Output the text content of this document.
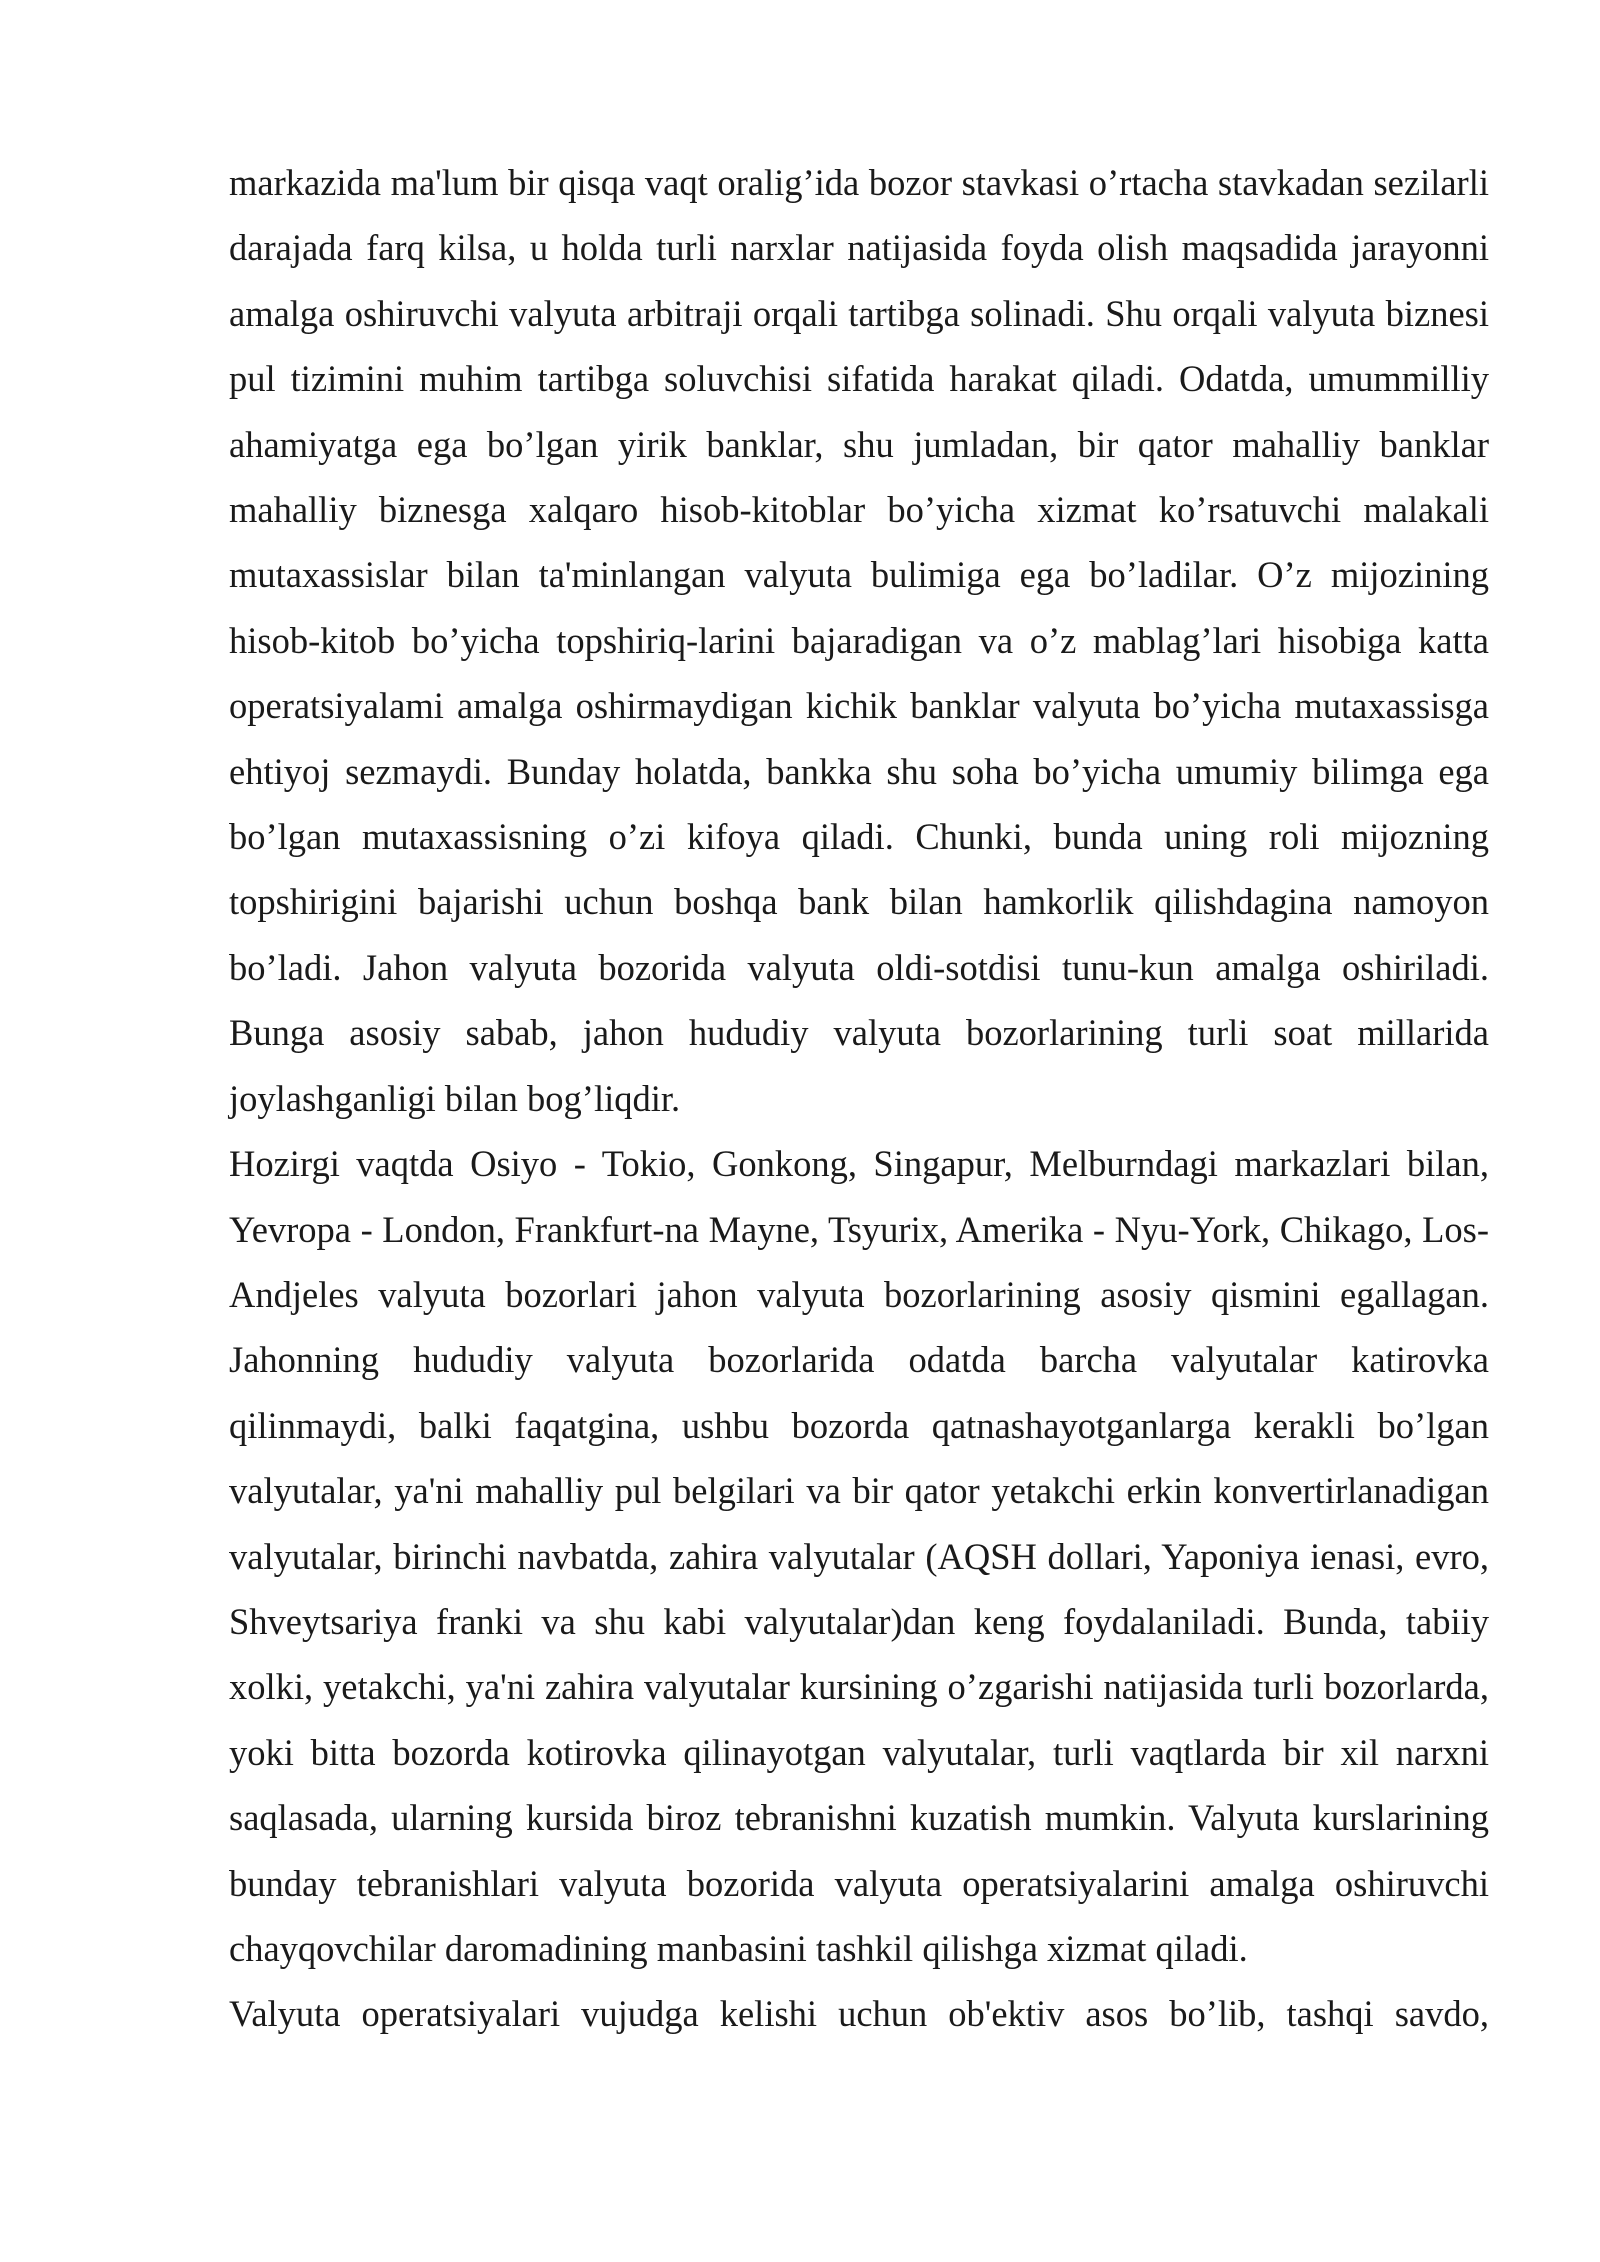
markazida ma'lum bir qisqa vaqt oralig’ida bozor stavkasi o’rtacha stavkadan sezilarli darajada farq kilsa, u holda turli narxlar natijasida foyda olish maqsadida jarayonni amalga oshiruvchi valyuta arbitraji orqali tartibga solinadi. Shu orqali valyuta biznesi pul tizimini muhim tartibga soluvchisi sifatida harakat qiladi. Odatda, umummilliy ahamiyatga ega bo’lgan yirik banklar, shu jumladan, bir qator mahalliy banklar mahalliy biznesga xalqaro hisob-kitoblar bo’yicha xizmat ko’rsatuvchi malakali mutaxassislar bilan ta'minlangan valyuta bulimiga ega bo’ladilar. O’z mijozining hisob-kitob bo’yicha topshiriq-larini bajaradigan va o’z mablag’lari hisobiga katta operatsiyalami amalga oshirmaydigan kichik banklar valyuta bo’yicha mutaxassisga ehtiyoj sezmaydi. Bunday holatda, bankka shu soha bo’yicha umumiy bilimga ega bo’lgan mutaxassisning o’zi kifoya qiladi. Chunki, bunda uning roli mijozning topshirigini bajarishi uchun boshqa bank bilan hamkorlik qilishdagina namoyon bo’ladi. Jahon valyuta bozorida valyuta oldi-sotdisi tunu-kun amalga oshiriladi. Bunga asosiy sabab, jahon hududiy valyuta bozorlarining turli soat millarida joylashganligi bilan bog’liqdir.

Hozirgi vaqtda Osiyo - Tokio, Gonkong, Singapur, Melburndagi markazlari bilan, Yevropa - London, Frankfurt-na Mayne, Tsyurix, Amerika - Nyu-York, Chikago, Los-Andjeles valyuta bozorlari jahon valyuta bozorlarining asosiy qismini egallagan. Jahonning hududiy valyuta bozorlarida odatda barcha valyutalar katirovka qilinmaydi, balki faqatgina, ushbu bozorda qatnashayotganlarga kerakli bo’lgan valyutalar, ya'ni mahalliy pul belgilari va bir qator yetakchi erkin konvertirlanadigan valyutalar, birinchi navbatda, zahira valyutalar (AQSH dollari, Yaponiya ienasi, evro, Shveytsariya franki va shu kabi valyutalar)dan keng foydalaniladi. Bunda, tabiiy xolki, yetakchi, ya'ni zahira valyutalar kursining o’zgarishi natijasida turli bozorlarda, yoki bitta bozorda kotirovka qilinayotgan valyutalar, turli vaqtlarda bir xil narxni saqlasada, ularning kursida biroz tebranishni kuzatish mumkin. Valyuta kurslarining bunday tebranishlari valyuta bozorida valyuta operatsiyalarini amalga oshiruvchi chayqovchilar daromadining manbasini tashkil qilishga xizmat qiladi.

Valyuta operatsiyalari vujudga kelishi uchun ob'ektiv asos bo’lib, tashqi savdo,
